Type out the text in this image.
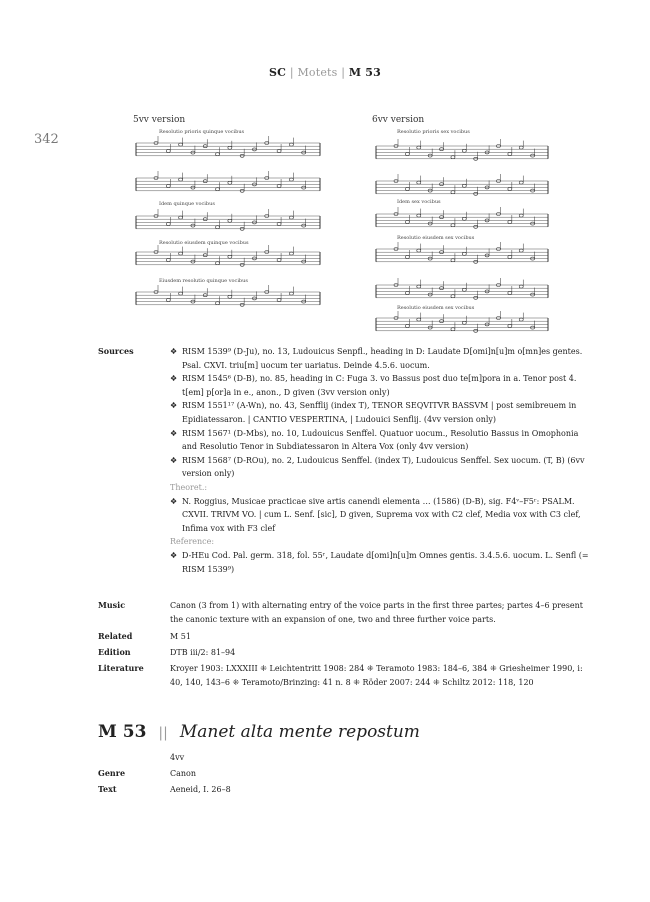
SC | Motets | M 53
342
5vv version	6vv version
Resolutio prioris quinque vocibus
Idem quinque vocibus
Resolutio eiusdem quinque vocibus
Eiusdem resolutio quinque vocibus
Resolutio prioris sex vocibus
Idem sex vocibus
Resolutio eiusdem sex vocibus
Resolutio eiusdem sex vocibus
Sources	❖ RISM 1539⁹ (D-Ju), no. 13, Ludouicus Senpfl., heading in D: Laudate D[omi]n[u]m o[mn]es gentes. Psal. CXVI. triu[m] uocum ter uariatus. Deinde 4.5.6. uocum.
❖ RISM 1545⁶ (D-B), no. 85, heading in C: Fuga 3. vo Bassus post duo te[m]pora in a. Tenor post 4. t[em] p[or]a in e., anon., D given (3vv version only)
❖ RISM 1551¹⁷ (A-Wn), no. 43, Senfflij (index T), TENOR SEQVITVR BASSVM | post semibreuem in Epidiatessaron. | CANTIO VESPERTINA, | Ludouici Senflij. (4vv version only)
❖ RISM 1567¹ (D-Mbs), no. 10, Ludouicus Senffel. Quatuor uocum., Resolutio Bassus in Omophonia and Resolutio Tenor in Subdiatessaron in Altera Vox (only 4vv version)
❖ RISM 1568⁷ (D-ROu), no. 2, Ludouicus Senffel. (index T), Ludouicus Senffel. Sex uocum. (T, B) (6vv version only)
Theoret.:
❖ N. Roggius, Musicae practicae sive artis canendi elementa … (1586) (D-B), sig. F4ᵛ–F5ʳ: PSALM. CXVII. TRIVM VO. | cum L. Senf. [sic], D given, Suprema vox with C2 clef, Media vox with C3 clef, Infima vox with F3 clef
Reference:
❖ D-HEu Cod. Pal. germ. 318, fol. 55ʳ, Laudate d[omi]n[u]m Omnes gentis. 3.4.5.6. uocum. L. Senfl (= RISM 1539⁹)
Music	Canon (3 from 1) with alternating entry of the voice parts in the first three partes; partes 4–6 present the canonic texture with an expansion of one, two and three further voice parts.
Related	M 51
Edition	DTB iii/2: 81–94
Literature	Kroyer 1903: LXXXIII ⁜ Leichtentritt 1908: 284 ⁜ Teramoto 1983: 184–6, 384 ⁜ Griesheimer 1990, i: 40, 140, 143–6 ⁜ Teramoto/Brinzing: 41 n. 8 ⁜ Röder 2007: 244 ⁜ Schiltz 2012: 118, 120
M 53 || Manet alta mente repostum
4vv
Genre	Canon
Text	Aeneid, I. 26–8
